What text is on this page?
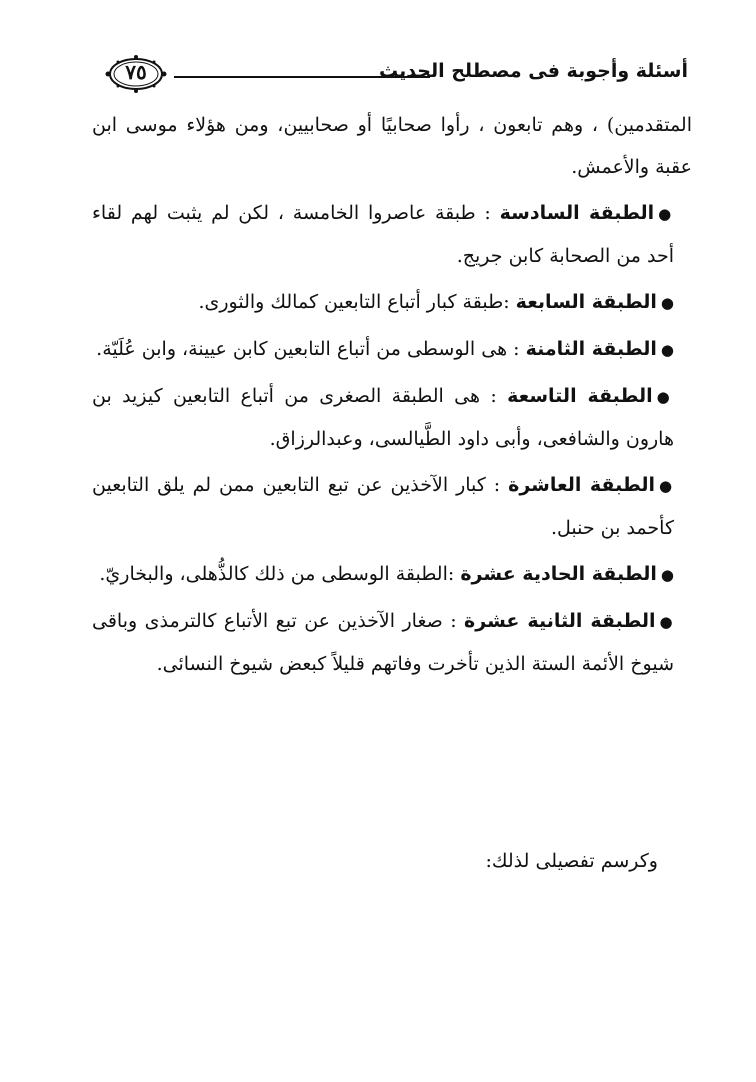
أسئلة وأجوبة فى مصطلح الحديث
٧٥

المتقدمين) ، وهم تابعون ، رأوا صحابيًا أو صحابيين، ومن هؤلاء موسى ابن عقبة والأعمش.

●الطبقة السادسة : طبقة عاصروا الخامسة ، لكن لم يثبت لهم لقاء أحد من الصحابة كابن جريج.

●الطبقة السابعة :طبقة كبار أتباع التابعين كمالك والثورى.

●الطبقة الثامنة : هى الوسطى من أتباع التابعين كابن عيينة، وابن عُلَيّة.

●الطبقة التاسعة : هى الطبقة الصغرى من أتباع التابعين كيزيد بن هارون والشافعى، وأبى داود الطَّيالسى، وعبدالرزاق.

●الطبقة العاشرة : كبار الآخذين عن تبع التابعين ممن لم يلق التابعين كأحمد بن حنبل.

●الطبقة الحادية عشرة :الطبقة الوسطى من ذلك كالذُّهلى، والبخاريّ.

●الطبقة الثانية عشرة : صغار الآخذين عن تبع الأتباع كالترمذى وباقى شيوخ الأئمة الستة الذين تأخرت وفاتهم قليلاً كبعض شيوخ النسائى.

وكرسم تفصيلى لذلك:
